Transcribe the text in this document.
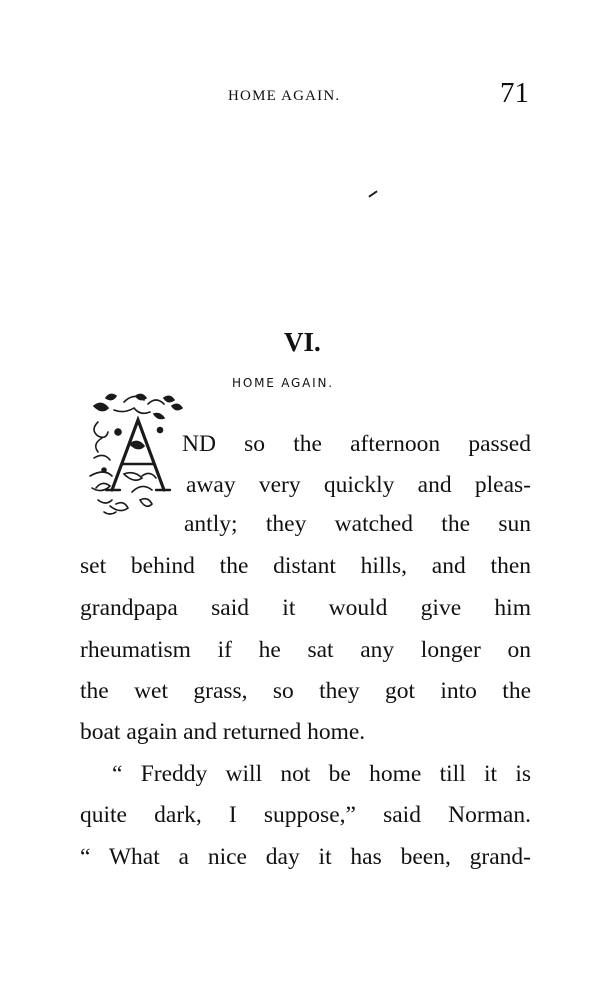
HOME AGAIN.	71
VI.
HOME AGAIN.
ND so the afternoon passed
away very quickly and pleas-
antly; they watched the sun
set behind the distant hills, and then
grandpapa said it would give him
rheumatism if he sat any longer on
the wet grass, so they got into the
boat again and returned home.
“ Freddy will not be home till it is
quite dark, I suppose,” said Norman.
“ What a nice day it has been, grand-
